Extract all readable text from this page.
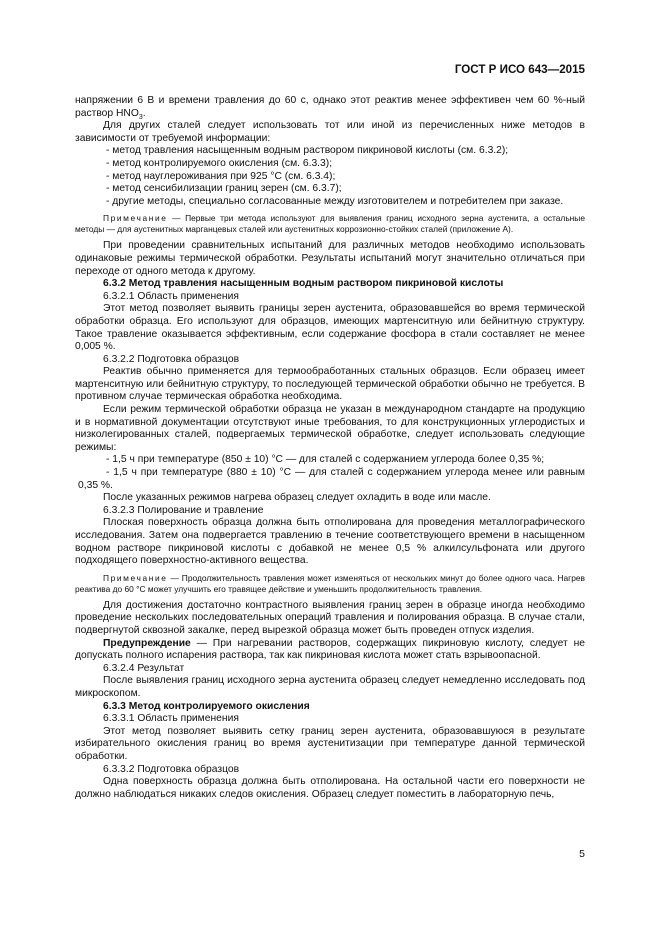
ГОСТ Р ИСО 643—2015

напряжении 6 В и времени травления до 60 с, однако этот реактив менее эффективен чем 60 %-ный раствор $HNO_3$.

Для других сталей следует использовать тот или иной из перечисленных ниже методов в зависимости от требуемой информации:

- метод травления насыщенным водным раствором пикриновой кислоты (см. 6.3.2);

- метод контролируемого окисления (см. 6.3.3);

- метод науглероживания при 925 °С (см. 6.3.4);

- метод сенсибилизации границ зерен (см. 6.3.7);

- другие методы, специально согласованные между изготовителем и потребителем при заказе.

Примечание — Первые три метода используют для выявления границ исходного зерна аустенита, а остальные методы — для аустенитных марганцевых сталей или аустенитных коррозионно-стойких сталей (приложение А).

При проведении сравнительных испытаний для различных методов необходимо использовать одинаковые режимы термической обработки. Результаты испытаний могут значительно отличаться при переходе от одного метода к другому.

6.3.2 Метод травления насыщенным водным раствором пикриновой кислоты

6.3.2.1 Область применения

Этот метод позволяет выявить границы зерен аустенита, образовавшейся во время термической обработки образца. Его используют для образцов, имеющих мартенситную или бейнитную структуру. Такое травление оказывается эффективным, если содержание фосфора в стали составляет не менее 0,005 %.

6.3.2.2 Подготовка образцов

Реактив обычно применяется для термообработанных стальных образцов. Если образец имеет мартенситную или бейнитную структуру, то последующей термической обработки обычно не требуется. В противном случае термическая обработка необходима.

Если режим термической обработки образца не указан в международном стандарте на продукцию и в нормативной документации отсутствуют иные требования, то для конструкционных углеродистых и низколегированных сталей, подвергаемых термической обработке, следует использовать следующие режимы:

- 1,5 ч при температуре (850 ± 10) °С — для сталей с содержанием углерода более 0,35 %;

- 1,5 ч при температуре (880 ± 10) °С — для сталей с содержанием углерода менее или равным 0,35 %.

После указанных режимов нагрева образец следует охладить в воде или масле.

6.3.2.3 Полирование и травление

Плоская поверхность образца должна быть отполирована для проведения металлографического исследования. Затем она подвергается травлению в течение соответствующего времени в насыщенном водном растворе пикриновой кислоты с добавкой не менее 0,5 % алкилсульфоната или другого подходящего поверхностно-активного вещества.

Примечание — Продолжительность травления может изменяться от нескольких минут до более одного часа. Нагрев реактива до 60 °С может улучшить его травящее действие и уменьшить продолжительность травления.

Для достижения достаточно контрастного выявления границ зерен в образце иногда необходимо проведение нескольких последовательных операций травления и полирования образца. В случае стали, подвергнутой сквозной закалке, перед вырезкой образца может быть проведен отпуск изделия.

Предупреждение — При нагревании растворов, содержащих пикриновую кислоту, следует не допускать полного испарения раствора, так как пикриновая кислота может стать взрывоопасной.

6.3.2.4 Результат

После выявления границ исходного зерна аустенита образец следует немедленно исследовать под микроскопом.

6.3.3 Метод контролируемого окисления

6.3.3.1 Область применения

Этот метод позволяет выявить сетку границ зерен аустенита, образовавшуюся в результате избирательного окисления границ во время аустенитизации при температуре данной термической обработки.

6.3.3.2 Подготовка образцов

Одна поверхность образца должна быть отполирована. На остальной части его поверхности не должно наблюдаться никаких следов окисления. Образец следует поместить в лабораторную печь,

5
